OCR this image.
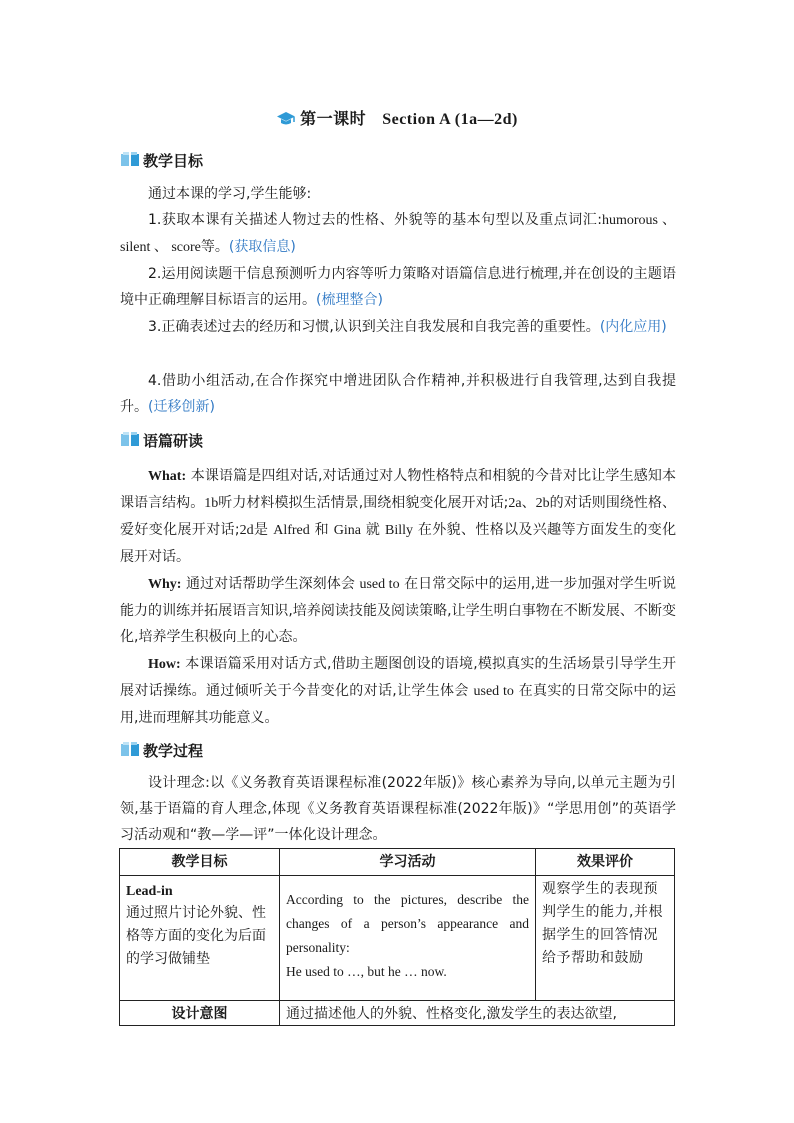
第一课时 Section A (1a—2d)
教学目标
通过本课的学习,学生能够:
1.获取本课有关描述人物过去的性格、外貌等的基本句型以及重点词汇:humorous 、 silent 、 score等。(获取信息)
2.运用阅读题干信息预测听力内容等听力策略对语篇信息进行梳理,并在创设的主题语境中正确理解目标语言的运用。(梳理整合)
3.正确表述过去的经历和习惯,认识到关注自我发展和自我完善的重要性。(内化应用)
4.借助小组活动,在合作探究中增进团队合作精神,并积极进行自我管理,达到自我提升。(迁移创新)
语篇研读
What: 本课语篇是四组对话,对话通过对人物性格特点和相貌的今昔对比让学生感知本课语言结构。1b听力材料模拟生活情景,围绕相貌变化展开对话;2a、2b的对话则围绕性格、爱好变化展开对话;2d是 Alfred 和 Gina 就 Billy 在外貌、性格以及兴趣等方面发生的变化展开对话。
Why: 通过对话帮助学生深刻体会 used to 在日常交际中的运用,进一步加强对学生听说能力的训练并拓展语言知识,培养阅读技能及阅读策略,让学生明白事物在不断发展、不断变化,培养学生积极向上的心态。
How: 本课语篇采用对话方式,借助主题图创设的语境,模拟真实的生活场景引导学生开展对话操练。通过倾听关于今昔变化的对话,让学生体会 used to 在真实的日常交际中的运用,进而理解其功能意义。
教学过程
设计理念:以《义务教育英语课程标准(2022年版)》核心素养为导向,以单元主题为引领,基于语篇的育人理念,体现《义务教育英语课程标准(2022年版)》“学思用创”的英语学习活动观和“教—学—评”一体化设计理念。
教学目标	学习活动	效果评价

Lead-in
通过照片讨论外貌、性格等方面的变化为后面的学习做铺垫	According to the pictures, describe the changes of a person’s appearance and personality:
He used to …, but he … now.	观察学生的表现预判学生的能力,并根据学生的回答情况给予帮助和鼓励

设计意图	通过描述他人的外貌、性格变化,激发学生的表达欲望,	
